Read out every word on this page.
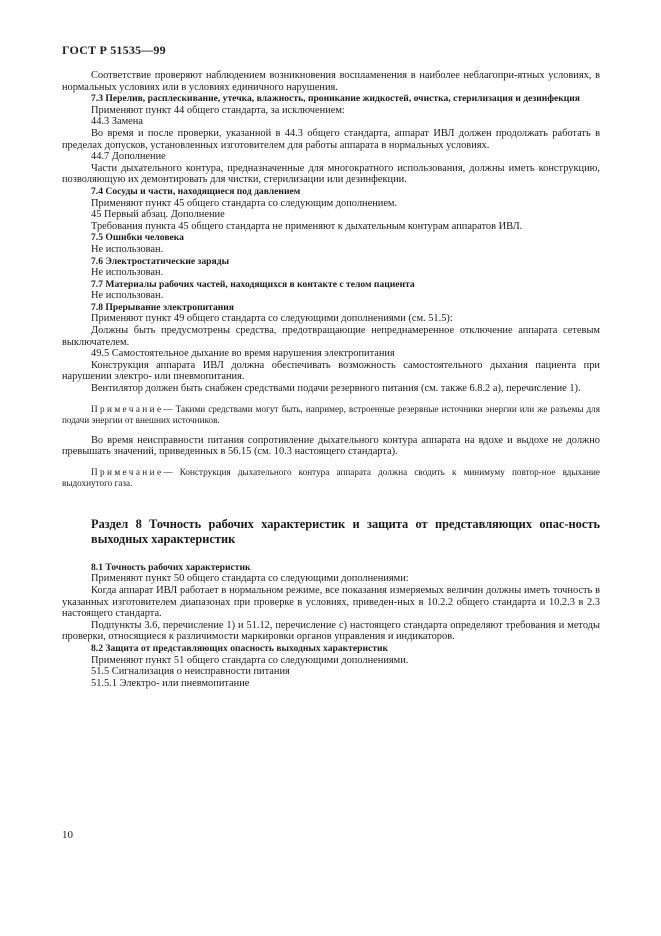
ГОСТ Р 51535—99

Соответствие проверяют наблюдением возникновения воспламенения в наиболее неблагопри-ятных условиях, в нормальных условиях или в условиях единичного нарушения.

7.3 Перелив, расплескивание, утечка, влажность, проникание жидкостей, очистка, стерилизация и дезинфекция

Применяют пункт 44 общего стандарта, за исключением:

44.3 Замена

Во время и после проверки, указанной в 44.3 общего стандарта, аппарат ИВЛ должен продолжать работать в пределах допусков, установленных изготовителем для работы аппарата в нормальных условиях.

44.7 Дополнение

Части дыхательного контура, предназначенные для многократного использования, должны иметь конструкцию, позволяющую их демонтировать для чистки, стерилизации или дезинфекции.

7.4 Сосуды и части, находящиеся под давлением

Применяют пункт 45 общего стандарта со следующим дополнением.

45 Первый абзац. Дополнение

Требования пункта 45 общего стандарта не применяют к дыхательным контурам аппаратов ИВЛ.

7.5 Ошибки человека

Не использован.

7.6 Электростатические заряды

Не использован.

7.7 Материалы рабочих частей, находящихся в контакте с телом пациента

Не использован.

7.8 Прерывание электропитания

Применяют пункт 49 общего стандарта со следующими дополнениями (см. 51.5):

Должны быть предусмотрены средства, предотвращающие непреднамеренное отключение аппарата сетевым выключателем.

49.5 Самостоятельное дыхание во время нарушения электропитания

Конструкция аппарата ИВЛ должна обеспечивать возможность самостоятельного дыхания пациента при нарушении электро- или пневмопитания.

Вентилятор должен быть снабжен средствами подачи резервного питания (см. также 6.8.2 а), перечисление 1).

Примечание— Такими средствами могут быть, например, встроенные резервные источники энергии или же разъемы для подачи энергии от внешних источников.

Во время неисправности питания сопротивление дыхательного контура аппарата на вдохе и выдохе не должно превышать значений, приведенных в 56.15 (см. 10.3 настоящего стандарта).

Примечание— Конструкция дыхательного контура аппарата должна сводить к минимуму повтор-ное вдыхание выдохнутого газа.

Раздел 8 Точность рабочих характеристик и защита от представляющих опас-ность выходных характеристик

8.1 Точность рабочих характеристик

Применяют пункт 50 общего стандарта со следующими дополнениями:

Когда аппарат ИВЛ работает в нормальном режиме, все показания измеряемых величин должны иметь точность в указанных изготовителем диапазонах при проверке в условиях, приведен-ных в 10.2.2 общего стандарта и 10.2.3 в 2.3 настоящего стандарта.

Подпункты 3.6, перечисление 1) и 51.12, перечисление с) настоящего стандарта определяют требования и методы проверки, относящиеся к различимости маркировки органов управления и индикаторов.

8.2 Защита от представляющих опасность выходных характеристик

Применяют пункт 51 общего стандарта со следующими дополнениями.

51.5 Сигнализация о неисправности питания

51.5.1 Электро- или пневмопитание

10
